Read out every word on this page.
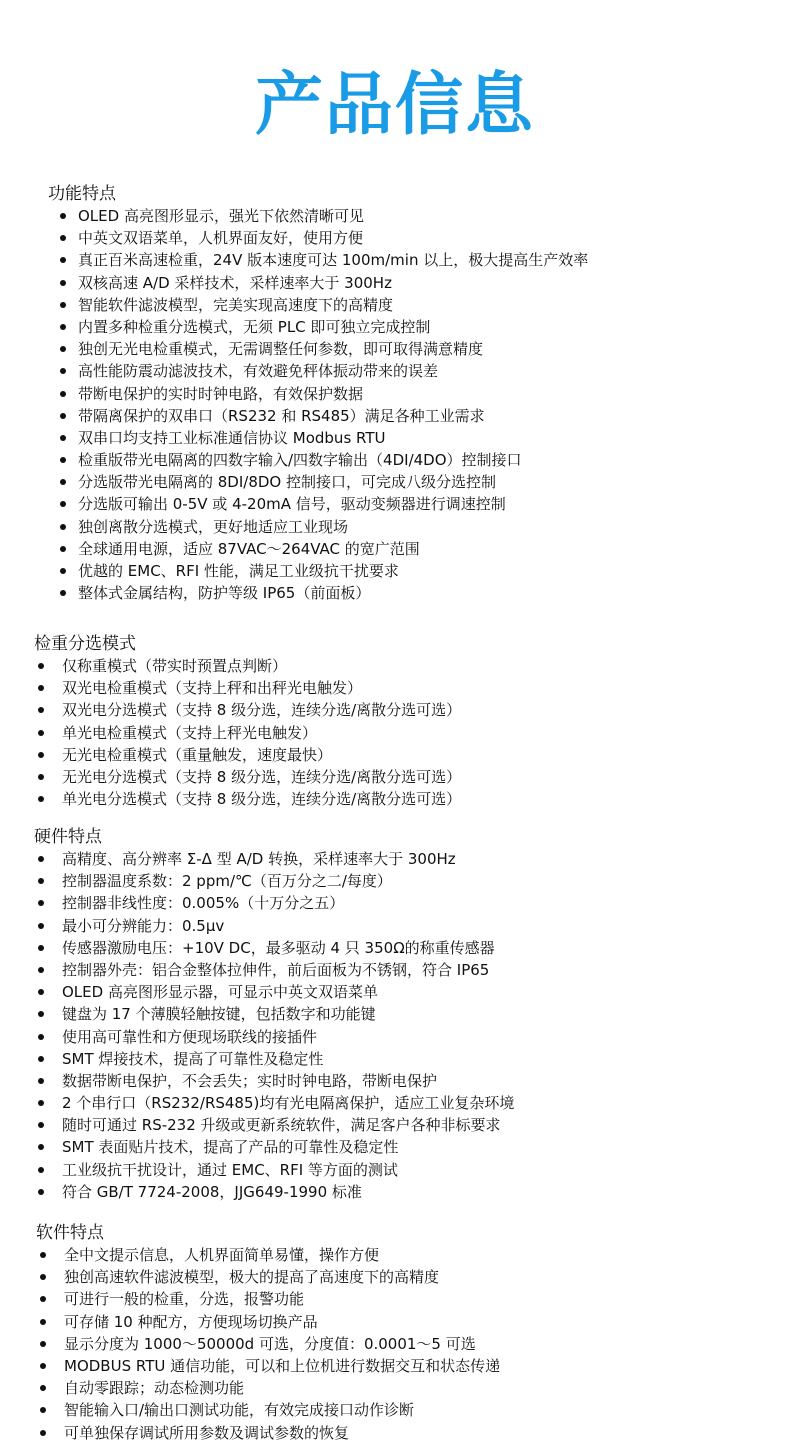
产品信息
功能特点
OLED 高亮图形显示，强光下依然清晰可见
中英文双语菜单，人机界面友好，使用方便
真正百米高速检重，24V 版本速度可达 100m/min 以上，极大提高生产效率
双核高速 A/D 采样技术，采样速率大于 300Hz
智能软件滤波模型，完美实现高速度下的高精度
内置多种检重分选模式，无须 PLC 即可独立完成控制
独创无光电检重模式，无需调整任何参数，即可取得满意精度
高性能防震动滤波技术，有效避免秤体振动带来的误差
带断电保护的实时时钟电路，有效保护数据
带隔离保护的双串口（RS232 和 RS485）满足各种工业需求
双串口均支持工业标准通信协议 Modbus RTU
检重版带光电隔离的四数字输入/四数字输出（4DI/4DO）控制接口
分选版带光电隔离的 8DI/8DO 控制接口，可完成八级分选控制
分选版可输出 0-5V 或 4-20mA 信号，驱动变频器进行调速控制
独创离散分选模式，更好地适应工业现场
全球通用电源，适应 87VAC～264VAC 的宽广范围
优越的 EMC、RFI 性能，满足工业级抗干扰要求
整体式金属结构，防护等级 IP65（前面板）
检重分选模式
仅称重模式（带实时预置点判断）
双光电检重模式（支持上秤和出秤光电触发）
双光电分选模式（支持 8 级分选，连续分选/离散分选可选）
单光电检重模式（支持上秤光电触发）
无光电检重模式（重量触发，速度最快）
无光电分选模式（支持 8 级分选，连续分选/离散分选可选）
单光电分选模式（支持 8 级分选，连续分选/离散分选可选）
硬件特点
高精度、高分辨率 Σ-Δ 型 A/D 转换，采样速率大于 300Hz
控制器温度系数：2 ppm/℃（百万分之二/每度）
控制器非线性度：0.005%（十万分之五）
最小可分辨能力：0.5μv
传感器激励电压：+10V DC，最多驱动 4 只 350Ω的称重传感器
控制器外壳：铝合金整体拉伸件，前后面板为不锈钢，符合 IP65
OLED 高亮图形显示器，可显示中英文双语菜单
键盘为 17 个薄膜轻触按键，包括数字和功能键
使用高可靠性和方便现场联线的接插件
SMT 焊接技术，提高了可靠性及稳定性
数据带断电保护，不会丢失；实时时钟电路，带断电保护
2 个串行口（RS232/RS485)均有光电隔离保护，适应工业复杂环境
随时可通过 RS-232 升级或更新系统软件，满足客户各种非标要求
SMT 表面贴片技术，提高了产品的可靠性及稳定性
工业级抗干扰设计，通过 EMC、RFI 等方面的测试
符合 GB/T 7724-2008，JJG649-1990 标准
软件特点
全中文提示信息，人机界面简单易懂，操作方便
独创高速软件滤波模型，极大的提高了高速度下的高精度
可进行一般的检重，分选，报警功能
可存储 10 种配方，方便现场切换产品
显示分度为 1000～50000d 可选，分度值：0.0001～5 可选
MODBUS RTU 通信功能，可以和上位机进行数据交互和状态传递
自动零跟踪；动态检测功能
智能输入口/输出口测试功能，有效完成接口动作诊断
可单独保存调试所用参数及调试参数的恢复
